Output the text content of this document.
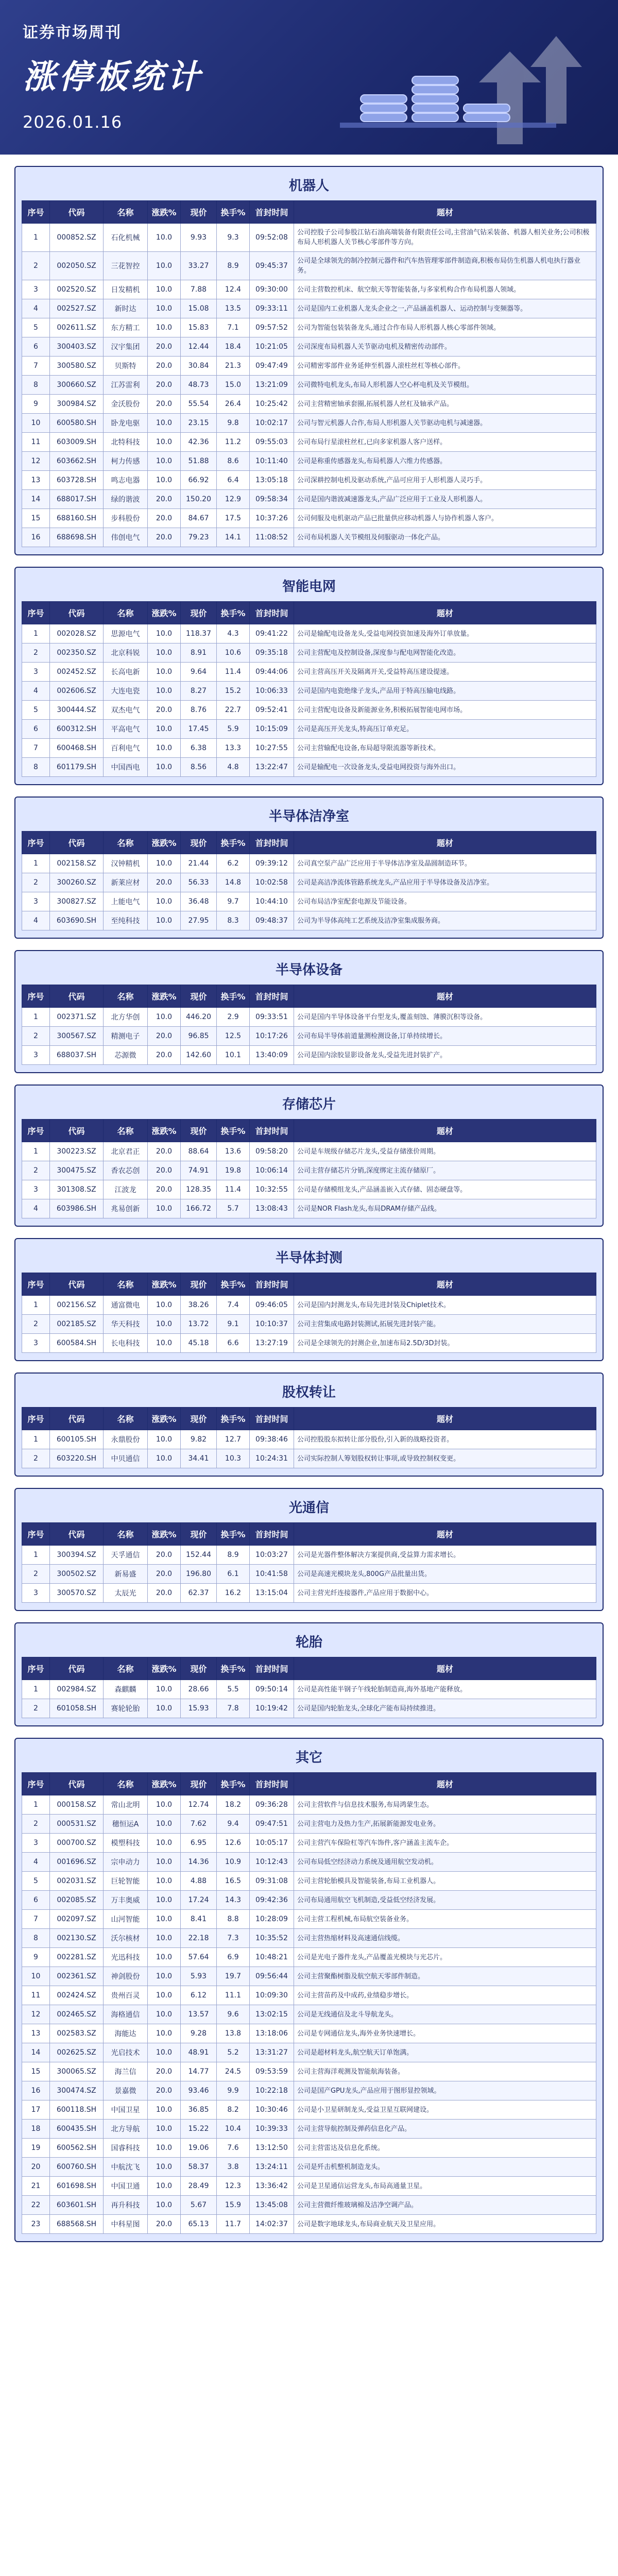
证券市场周刊
涨停板统计
2026.01.16
机器人
序号	代码	名称	涨跌%	现价	换手%	首封时间	题材
1	000852.SZ	石化机械	10.0	9.93	9.3	09:52:08	公司控股子公司参股江钻石油高端装备有限责任公司,主营油气钻采装备、机器人相关业务;公司积极布局人形机器人关节核心零部件等方向。
2	002050.SZ	三花智控	10.0	33.27	8.9	09:45:37	公司是全球领先的制冷控制元器件和汽车热管理零部件制造商,积极布局仿生机器人机电执行器业务。
3	002520.SZ	日发精机	10.0	7.88	12.4	09:30:00	公司主营数控机床、航空航天等智能装备,与多家机构合作布局机器人领域。
4	002527.SZ	新时达	10.0	15.08	13.5	09:33:11	公司是国内工业机器人龙头企业之一,产品涵盖机器人、运动控制与变频器等。
5	002611.SZ	东方精工	10.0	15.83	7.1	09:57:52	公司为智能包装装备龙头,通过合作布局人形机器人核心零部件领域。
6	300403.SZ	汉宇集团	20.0	12.44	18.4	10:21:05	公司深度布局机器人关节驱动电机及精密传动部件。
7	300580.SZ	贝斯特	20.0	30.84	21.3	09:47:49	公司精密零部件业务延伸至机器人滚柱丝杠等核心部件。
8	300660.SZ	江苏雷利	20.0	48.73	15.0	13:21:09	公司微特电机龙头,布局人形机器人空心杯电机及关节模组。
9	300984.SZ	金沃股份	20.0	55.54	26.4	10:25:42	公司主营精密轴承套圈,拓展机器人丝杠及轴承产品。
10	600580.SH	卧龙电驱	10.0	23.15	9.8	10:02:17	公司与智元机器人合作,布局人形机器人关节驱动电机与减速器。
11	603009.SH	北特科技	10.0	42.36	11.2	09:55:03	公司布局行星滚柱丝杠,已向多家机器人客户送样。
12	603662.SH	柯力传感	10.0	51.88	8.6	10:11:40	公司是称重传感器龙头,布局机器人六维力传感器。
13	603728.SH	鸣志电器	10.0	66.92	6.4	13:05:18	公司深耕控制电机及驱动系统,产品可应用于人形机器人灵巧手。
14	688017.SH	绿的谐波	20.0	150.20	12.9	09:58:34	公司是国内谐波减速器龙头,产品广泛应用于工业及人形机器人。
15	688160.SH	步科股份	20.0	84.67	17.5	10:37:26	公司伺服及电机驱动产品已批量供应移动机器人与协作机器人客户。
16	688698.SH	伟创电气	20.0	79.23	14.1	11:08:52	公司布局机器人关节模组及伺服驱动一体化产品。
智能电网
序号	代码	名称	涨跌%	现价	换手%	首封时间	题材
1	002028.SZ	思源电气	10.0	118.37	4.3	09:41:22	公司是输配电设备龙头,受益电网投资加速及海外订单放量。
2	002350.SZ	北京科锐	10.0	8.91	10.6	09:35:18	公司主营配电及控制设备,深度参与配电网智能化改造。
3	002452.SZ	长高电新	10.0	9.64	11.4	09:44:06	公司主营高压开关及隔离开关,受益特高压建设提速。
4	002606.SZ	大连电瓷	10.0	8.27	15.2	10:06:33	公司是国内电瓷绝缘子龙头,产品用于特高压输电线路。
5	300444.SZ	双杰电气	20.0	8.76	22.7	09:52:41	公司主营配电设备及新能源业务,积极拓展智能电网市场。
6	600312.SH	平高电气	10.0	17.45	5.9	10:15:09	公司是高压开关龙头,特高压订单充足。
7	600468.SH	百利电气	10.0	6.38	13.3	10:27:55	公司主营输配电设备,布局超导限流器等新技术。
8	601179.SH	中国西电	10.0	8.56	4.8	13:22:47	公司是输配电一次设备龙头,受益电网投资与海外出口。
半导体洁净室
序号	代码	名称	涨跌%	现价	换手%	首封时间	题材
1	002158.SZ	汉钟精机	10.0	21.44	6.2	09:39:12	公司真空泵产品广泛应用于半导体洁净室及晶圆制造环节。
2	300260.SZ	新莱应材	20.0	56.33	14.8	10:02:58	公司是高洁净流体管路系统龙头,产品应用于半导体设备及洁净室。
3	300827.SZ	上能电气	10.0	36.48	9.7	10:44:10	公司布局洁净室配套电源及节能设备。
4	603690.SH	至纯科技	10.0	27.95	8.3	09:48:37	公司为半导体高纯工艺系统及洁净室集成服务商。
半导体设备
序号	代码	名称	涨跌%	现价	换手%	首封时间	题材
1	002371.SZ	北方华创	10.0	446.20	2.9	09:33:51	公司是国内半导体设备平台型龙头,覆盖刻蚀、薄膜沉积等设备。
2	300567.SZ	精测电子	20.0	96.85	12.5	10:17:26	公司布局半导体前道量测检测设备,订单持续增长。
3	688037.SH	芯源微	20.0	142.60	10.1	13:40:09	公司是国内涂胶显影设备龙头,受益先进封装扩产。
存储芯片
序号	代码	名称	涨跌%	现价	换手%	首封时间	题材
1	300223.SZ	北京君正	20.0	88.64	13.6	09:58:20	公司是车规级存储芯片龙头,受益存储涨价周期。
2	300475.SZ	香农芯创	20.0	74.91	19.8	10:06:14	公司主营存储芯片分销,深度绑定主流存储原厂。
3	301308.SZ	江波龙	20.0	128.35	11.4	10:32:55	公司是存储模组龙头,产品涵盖嵌入式存储、固态硬盘等。
4	603986.SH	兆易创新	10.0	166.72	5.7	13:08:43	公司是NOR Flash龙头,布局DRAM存储产品线。
半导体封测
序号	代码	名称	涨跌%	现价	换手%	首封时间	题材
1	002156.SZ	通富微电	10.0	38.26	7.4	09:46:05	公司是国内封测龙头,布局先进封装及Chiplet技术。
2	002185.SZ	华天科技	10.0	13.72	9.1	10:10:37	公司主营集成电路封装测试,拓展先进封装产能。
3	600584.SH	长电科技	10.0	45.18	6.6	13:27:19	公司是全球领先的封测企业,加速布局2.5D/3D封装。
股权转让
序号	代码	名称	涨跌%	现价	换手%	首封时间	题材
1	600105.SH	永鼎股份	10.0	9.82	12.7	09:38:46	公司控股股东拟转让部分股份,引入新的战略投资者。
2	603220.SH	中贝通信	10.0	34.41	10.3	10:24:31	公司实际控制人筹划股权转让事项,或导致控制权变更。
光通信
序号	代码	名称	涨跌%	现价	换手%	首封时间	题材
1	300394.SZ	天孚通信	20.0	152.44	8.9	10:03:27	公司是光器件整体解决方案提供商,受益算力需求增长。
2	300502.SZ	新易盛	20.0	196.80	6.1	10:41:58	公司是高速光模块龙头,800G产品批量出货。
3	300570.SZ	太辰光	20.0	62.37	16.2	13:15:04	公司主营光纤连接器件,产品应用于数据中心。
轮胎
序号	代码	名称	涨跌%	现价	换手%	首封时间	题材
1	002984.SZ	森麒麟	10.0	28.66	5.5	09:50:14	公司是高性能半钢子午线轮胎制造商,海外基地产能释放。
2	601058.SH	赛轮轮胎	10.0	15.93	7.8	10:19:42	公司是国内轮胎龙头,全球化产能布局持续推进。
其它
序号	代码	名称	涨跌%	现价	换手%	首封时间	题材
1	000158.SZ	常山北明	10.0	12.74	18.2	09:36:28	公司主营软件与信息技术服务,布局鸿蒙生态。
2	000531.SZ	穗恒运A	10.0	7.62	9.4	09:47:51	公司主营电力及热力生产,拓展新能源发电业务。
3	000700.SZ	模塑科技	10.0	6.95	12.6	10:05:17	公司主营汽车保险杠等汽车饰件,客户涵盖主流车企。
4	001696.SZ	宗申动力	10.0	14.36	10.9	10:12:43	公司布局低空经济动力系统及通用航空发动机。
5	002031.SZ	巨轮智能	10.0	4.88	16.5	09:31:08	公司主营轮胎模具及智能装备,布局工业机器人。
6	002085.SZ	万丰奥威	10.0	17.24	14.3	09:42:36	公司布局通用航空飞机制造,受益低空经济发展。
7	002097.SZ	山河智能	10.0	8.41	8.8	10:28:09	公司主营工程机械,布局航空装备业务。
8	002130.SZ	沃尔核材	10.0	22.18	7.3	10:35:52	公司主营热缩材料及高速通信线缆。
9	002281.SZ	光迅科技	10.0	57.64	6.9	10:48:21	公司是光电子器件龙头,产品覆盖光模块与光芯片。
10	002361.SZ	神剑股份	10.0	5.93	19.7	09:56:44	公司主营聚酯树脂及航空航天零部件制造。
11	002424.SZ	贵州百灵	10.0	6.12	11.1	10:09:30	公司主营苗药及中成药,业绩稳步增长。
12	002465.SZ	海格通信	10.0	13.57	9.6	13:02:15	公司是无线通信及北斗导航龙头。
13	002583.SZ	海能达	10.0	9.28	13.8	13:18:06	公司是专网通信龙头,海外业务快速增长。
14	002625.SZ	光启技术	10.0	48.91	5.2	13:31:27	公司是超材料龙头,航空航天订单饱满。
15	300065.SZ	海兰信	20.0	14.77	24.5	09:53:59	公司主营海洋观测及智能航海装备。
16	300474.SZ	景嘉微	20.0	93.46	9.9	10:22:18	公司是国产GPU龙头,产品应用于图形显控领域。
17	600118.SH	中国卫星	10.0	36.85	8.2	10:30:46	公司是小卫星研制龙头,受益卫星互联网建设。
18	600435.SH	北方导航	10.0	15.22	10.4	10:39:33	公司主营导航控制及弹药信息化产品。
19	600562.SH	国睿科技	10.0	19.06	7.6	13:12:50	公司主营雷达及信息化系统。
20	600760.SH	中航沈飞	10.0	58.37	3.8	13:24:11	公司是歼击机整机制造龙头。
21	601698.SH	中国卫通	10.0	28.49	12.3	13:36:42	公司是卫星通信运营龙头,布局高通量卫星。
22	603601.SH	再升科技	10.0	5.67	15.9	13:45:08	公司主营微纤维玻璃棉及洁净空调产品。
23	688568.SH	中科星图	20.0	65.13	11.7	14:02:37	公司是数字地球龙头,布局商业航天及卫星应用。
